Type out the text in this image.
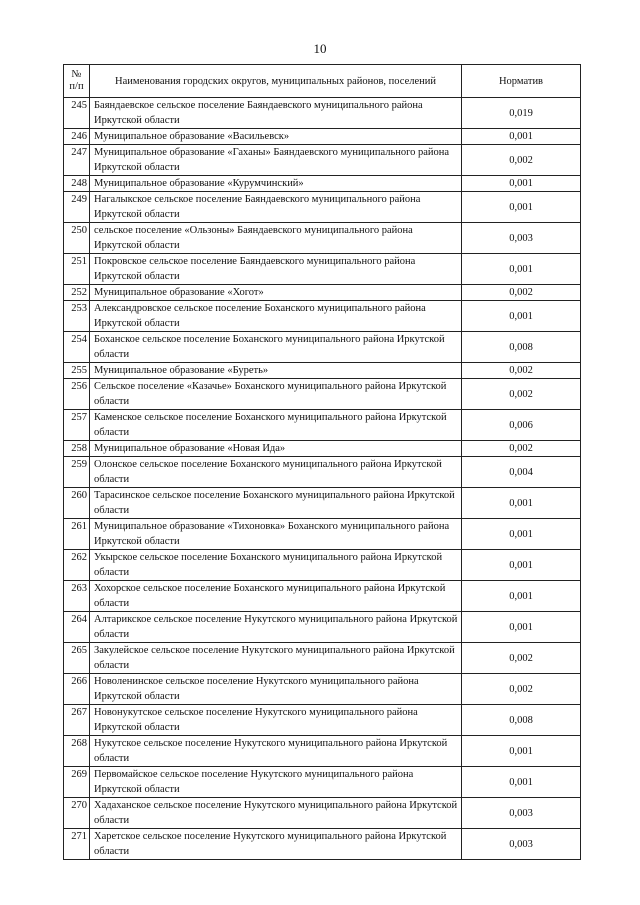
10
№
п/п	Наименования городских округов, муниципальных районов, поселений	Норматив
245	Баяндаевское сельское поселение Баяндаевского муниципального района Иркутской области	0,019
246	Муниципальное образование «Васильевск»	0,001
247	Муниципальное образование «Гаханы» Баяндаевского муниципального района Иркутской области	0,002
248	Муниципальное образование «Курумчинский»	0,001
249	Нагалыкское сельское поселение Баяндаевского муниципального района Иркутской области	0,001
250	сельское поселение «Ользоны» Баяндаевского муниципального района Иркутской области	0,003
251	Покровское сельское поселение Баяндаевского муниципального района Иркутской области	0,001
252	Муниципальное образование «Хогот»	0,002
253	Александровское сельское поселение Боханского муниципального района Иркутской области	0,001
254	Боханское сельское поселение Боханского муниципального района Иркутской области	0,008
255	Муниципальное образование «Буреть»	0,002
256	Сельское поселение «Казачье» Боханского муниципального района Иркутской области	0,002
257	Каменское сельское поселение Боханского муниципального района Иркутской области	0,006
258	Муниципальное образование «Новая Ида»	0,002
259	Олонское сельское поселение Боханского муниципального района Иркутской области	0,004
260	Тарасинское сельское поселение Боханского муниципального района Иркутской области	0,001
261	Муниципальное образование «Тихоновка» Боханского муниципального района Иркутской области	0,001
262	Укырское сельское поселение Боханского муниципального района Иркутской области	0,001
263	Хохорское сельское поселение Боханского муниципального района Иркутской области	0,001
264	Алтарикское сельское поселение Нукутского муниципального района Иркутской области	0,001
265	Закулейское сельское поселение Нукутского муниципального района Иркутской области	0,002
266	Новоленинское сельское поселение Нукутского муниципального района Иркутской области	0,002
267	Новонукутское сельское поселение Нукутского муниципального района Иркутской области	0,008
268	Нукутское сельское поселение Нукутского муниципального района Иркутской области	0,001
269	Первомайское сельское поселение Нукутского муниципального района Иркутской области	0,001
270	Хадаханское сельское поселение Нукутского муниципального района Иркутской области	0,003
271	Харетское сельское поселение Нукутского муниципального района Иркутской области	0,003
